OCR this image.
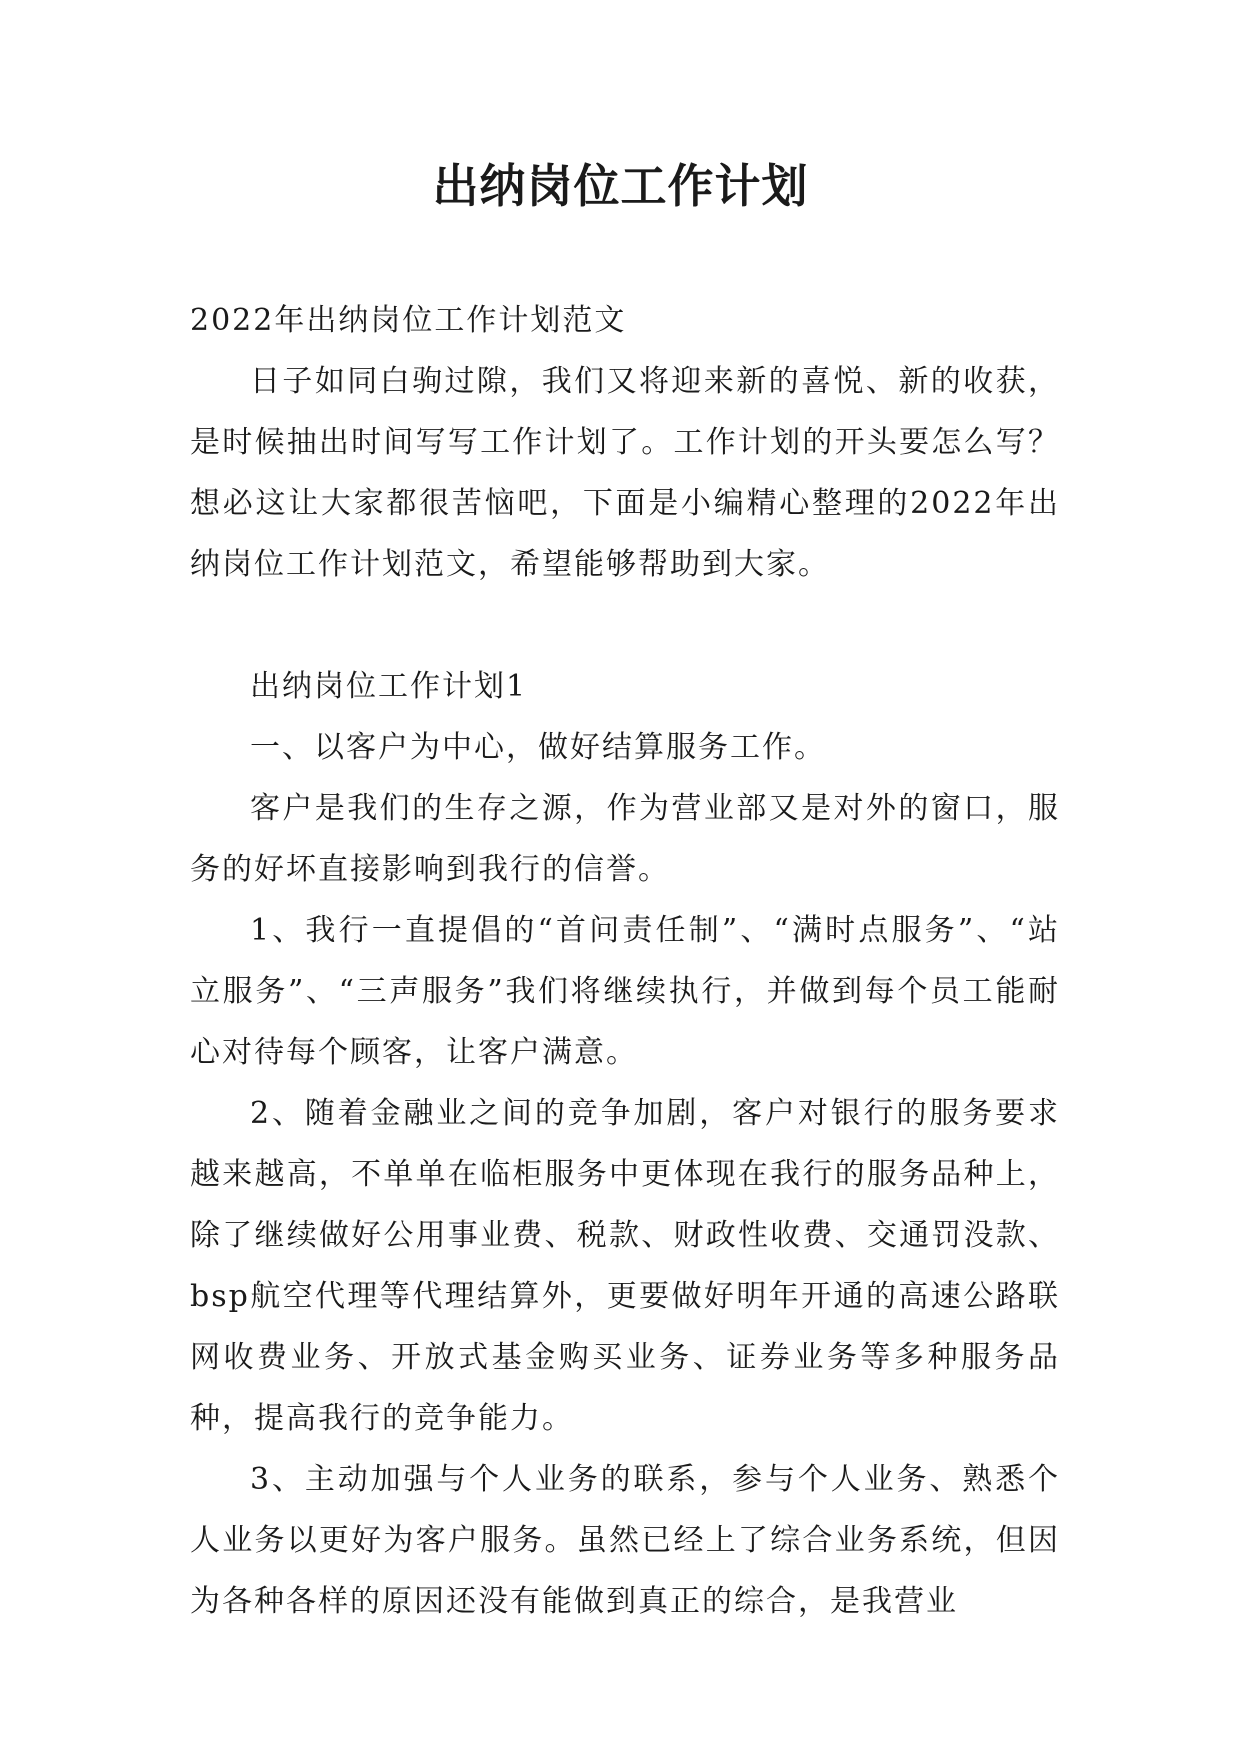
出纳岗位工作计划

2022年出纳岗位工作计划范文

日子如同白驹过隙，我们又将迎来新的喜悦、新的收获，是时候抽出时间写写工作计划了。工作计划的开头要怎么写？想必这让大家都很苦恼吧，下面是小编精心整理的2022年出纳岗位工作计划范文，希望能够帮助到大家。

出纳岗位工作计划1

一、以客户为中心，做好结算服务工作。

客户是我们的生存之源，作为营业部又是对外的窗口，服务的好坏直接影响到我行的信誉。

1、我行一直提倡的“首问责任制”、“满时点服务”、“站立服务”、“三声服务”我们将继续执行，并做到每个员工能耐心对待每个顾客，让客户满意。

2、随着金融业之间的竞争加剧，客户对银行的服务要求越来越高，不单单在临柜服务中更体现在我行的服务品种上，除了继续做好公用事业费、税款、财政性收费、交通罚没款、bsp航空代理等代理结算外，更要做好明年开通的高速公路联网收费业务、开放式基金购买业务、证券业务等多种服务品种，提高我行的竞争能力。

3、主动加强与个人业务的联系，参与个人业务、熟悉个人业务以更好为客户服务。虽然已经上了综合业务系统，但因为各种各样的原因还没有能做到真正的综合，是我营业
